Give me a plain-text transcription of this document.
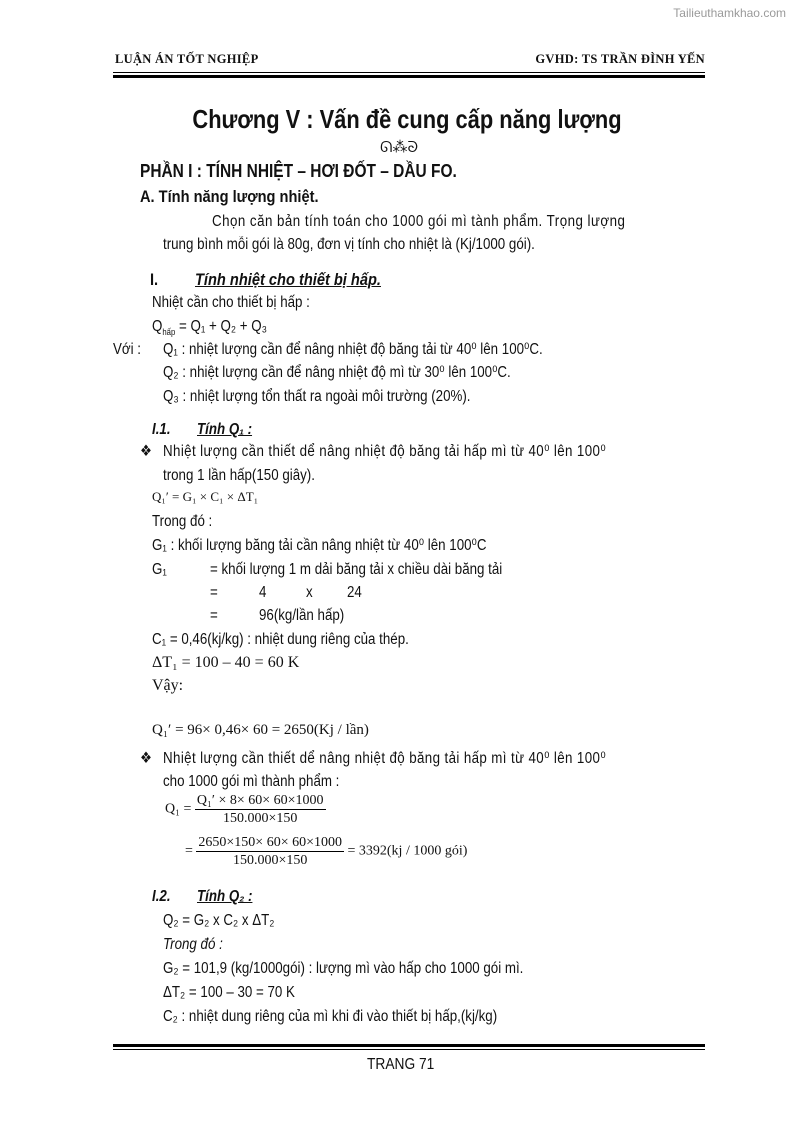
Tailieuthamkhao.com
LUẬN ÁN TỐT NGHIỆP	GVHD: TS TRẦN ĐÌNH YẾN
Chương V : Vấn đề cung cấp năng lượng
ᘏ⁂ᘐ
PHẦN I : TÍNH NHIỆT – HƠI ĐỐT – DẦU FO.
A. Tính năng lượng nhiệt.
Chọn căn bản tính toán cho 1000 gói mì tành phẩm. Trọng lượng
trung bình mỗi gói là 80g, đơn vị tính cho nhiệt là (Kj/1000 gói).
I. Tính nhiệt cho thiết bị hấp.
Nhiệt cần cho thiết bị hấp :
$Q_{hấp} = Q_1 + Q_2 + Q_3$
Với : Q₁ : nhiệt lượng cần để nâng nhiệt độ băng tải từ 40⁰ lên 100⁰C.
Q₂ : nhiệt lượng cần để nâng nhiệt độ mì từ 30⁰ lên 100⁰C.
Q₃ : nhiệt lượng tổn thất ra ngoài môi trường (20%).
I.1. Tính Q₁ :
❖ Nhiệt lượng cần thiết dể nâng nhiệt độ băng tải hấp mì từ 40⁰ lên 100⁰
trong 1 lần hấp(150 giây).
Q₁′ = G₁ × C₁ × ΔT₁
Trong đó :
G₁ : khối lượng băng tải cần nâng nhiệt từ 40⁰ lên 100⁰C
G₁	= khối lượng 1 m dải băng tải x chiều dài băng tải
=	4	x 24
=	96(kg/lần hấp)
C₁ = 0,46(kj/kg) : nhiệt dung riêng của thép.
ΔT₁ = 100 – 40 = 60 K
Vậy:
Q₁′ = 96× 0,46× 60 = 2650(Kj / lần)
❖ Nhiệt lượng cần thiết dể nâng nhiệt độ băng tải hấp mì từ 40⁰ lên 100⁰
cho 1000 gói mì thành phẩm :
$Q_1 = \frac{\text{Q₁′ × 8× 60× 60×1000}}{150.000\times 150}$
= $\frac{2650\times 150\times 60\times 60\times 1000}{150.000\times 150} = 3392(kj / 1000$ gói)
I.2. Tính Q₂ :
Q₂ = G₂ x C₂ x ΔT₂
Trong đó :
G₂ = 101,9 (kg/1000gói) : lượng mì vào hấp cho 1000 gói mì.
ΔT₂ = 100 – 30 = 70 K
C₂ : nhiệt dung riêng của mì khi đi vào thiết bị hấp,(kj/kg)
TRANG 71
